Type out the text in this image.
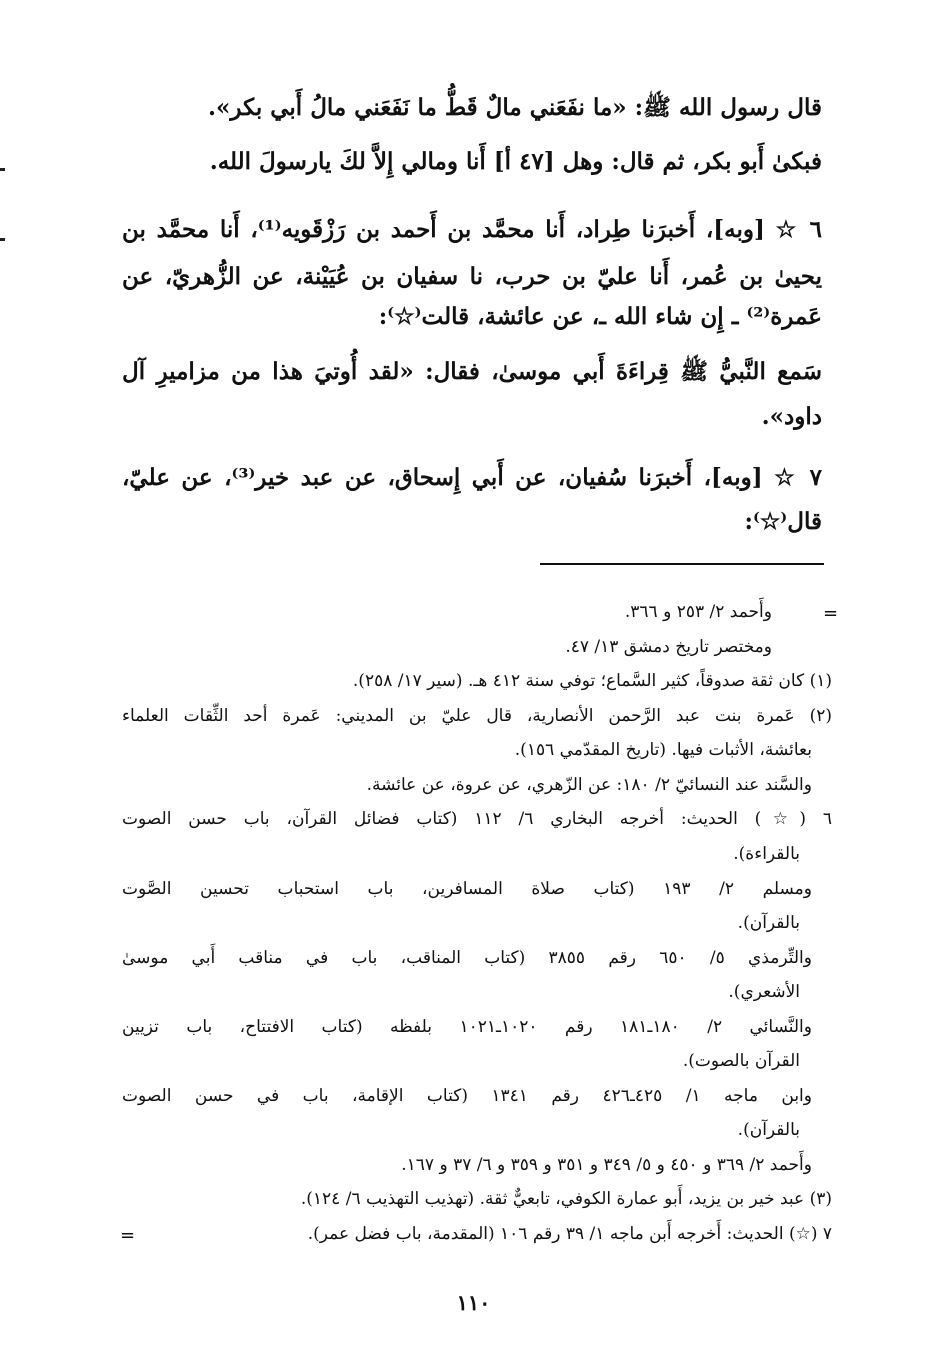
قال رسول الله ﷺ: «ما نفَعَني مالٌ قَطُّ ما نَفَعَني مالُ أَبي بكر».
فبكىٰ أَبو بكر، ثم قال: وهل [٤٧ أ] أَنا ومالي إِلاَّ لكَ يارسولَ الله.
٦ ☆ [وبه]، أَخبرَنا طِراد، أَنا محمَّد بن أَحمد بن رَزْقَويه⁽¹⁾، أَنا محمَّد بن
يحيىٰ بن عُمر، أَنا عليّ بن حرب، نا سفيان بن عُيَيْنة، عن الزُّهريّ، عن
عَمرة⁽²⁾ ـ إِن شاء الله ـ، عن عائشة، قالت⁽☆⁾:
سَمع النَّبيُّ ﷺ قِراءَةَ أَبي موسىٰ، فقال: «لقد أُوتيَ هذا من مزاميرِ آل
داود».
٧ ☆ [وبه]، أَخبرَنا سُفيان، عن أَبي إِسحاق، عن عبد خير⁽³⁾، عن عليّ،
قال⁽☆⁾:
=
وأَحمد ٢/ ٢٥٣ و ٣٦٦.
ومختصر تاريخ دمشق ١٣/ ٤٧.
(١) كان ثقة صدوقاً، كثير السَّماع؛ توفي سنة ٤١٢ هـ. (سير ١٧/ ٢٥٨).
(٢) عَمرة بنت عبد الرَّحمن الأنصارية، قال عليّ بن المديني: عَمرة أحد الثِّقات العلماء
بعائشة، الأثبات فيها. (تاريخ المقدّمي ١٥٦).
والسَّند عند النسائيّ ٢/ ١٨٠: عن الزّهري، عن عروة، عن عائشة.
٦ (☆) الحديث: أخرجه البخاري ٦/ ١١٢ (كتاب فضائل القرآن، باب حسن الصوت
بالقراءة).
ومسلم ٢/ ١٩٣ (كتاب صلاة المسافرين، باب استحباب تحسين الصَّوت
بالقرآن).
والتِّرمذي ٥/ ٦٥٠ رقم ٣٨٥٥ (كتاب المناقب، باب في مناقب أَبي موسىٰ
الأشعري).
والنَّسائي ٢/ ١٨٠ـ١٨١ رقم ١٠٢٠ـ١٠٢١ بلفظه (كتاب الافتتاح، باب تزيين
القرآن بالصوت).
وابن ماجه ١/ ٤٢٥ـ٤٢٦ رقم ١٣٤١ (كتاب الإقامة، باب في حسن الصوت
بالقرآن).
وأَحمد ٢/ ٣٦٩ و ٤٥٠ و ٥/ ٣٤٩ و ٣٥١ و ٣٥٩ و ٦/ ٣٧ و ١٦٧.
(٣) عبد خير بن يزيد، أَبو عمارة الكوفي، تابعيٌّ ثقة. (تهذيب التهذيب ٦/ ١٢٤).
٧ (☆) الحديث: أَخرجه أَبن ماجه ١/ ٣٩ رقم ١٠٦ (المقدمة، باب فضل عمر).
=
١١٠
